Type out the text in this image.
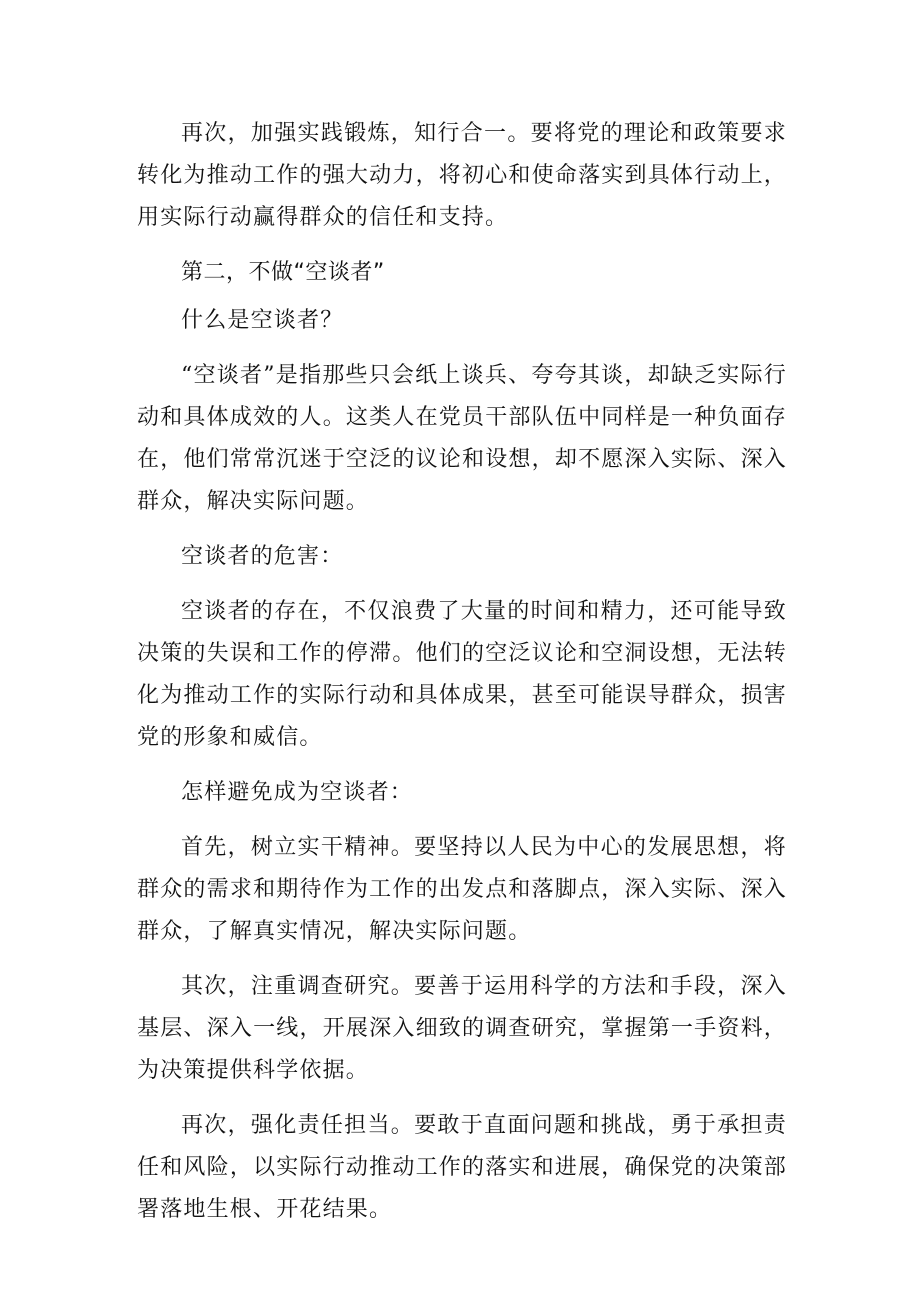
再次，加强实践锻炼，知行合一。要将党的理论和政策要求转化为推动工作的强大动力，将初心和使命落实到具体行动上，用实际行动赢得群众的信任和支持。

第二，不做“空谈者”

什么是空谈者？

“空谈者”是指那些只会纸上谈兵、夸夸其谈，却缺乏实际行动和具体成效的人。这类人在党员干部队伍中同样是一种负面存在，他们常常沉迷于空泛的议论和设想，却不愿深入实际、深入群众，解决实际问题。

空谈者的危害：

空谈者的存在，不仅浪费了大量的时间和精力，还可能导致决策的失误和工作的停滞。他们的空泛议论和空洞设想，无法转化为推动工作的实际行动和具体成果，甚至可能误导群众，损害党的形象和威信。

怎样避免成为空谈者：

首先，树立实干精神。要坚持以人民为中心的发展思想，将群众的需求和期待作为工作的出发点和落脚点，深入实际、深入群众，了解真实情况，解决实际问题。

其次，注重调查研究。要善于运用科学的方法和手段，深入基层、深入一线，开展深入细致的调查研究，掌握第一手资料，为决策提供科学依据。

再次，强化责任担当。要敢于直面问题和挑战，勇于承担责任和风险，以实际行动推动工作的落实和进展，确保党的决策部署落地生根、开花结果。
